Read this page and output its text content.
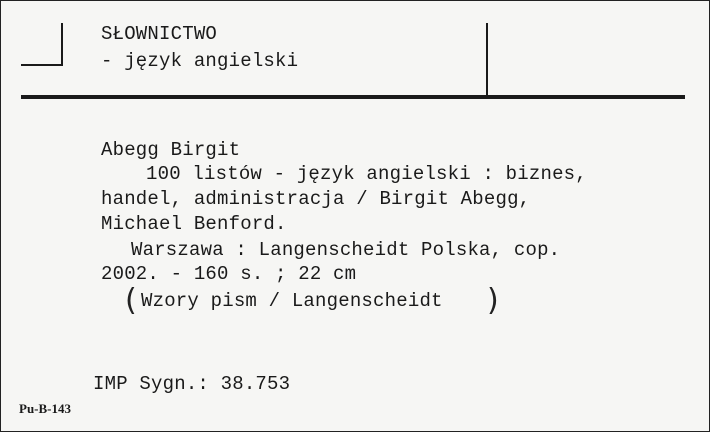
SŁOWNICTWO
- język angielski
Abegg Birgit
100 listów - język angielski : biznes,
handel, administracja / Birgit Abegg,
Michael Benford.
Warszawa : Langenscheidt Polska, cop.
2002. - 160 s. ; 22 cm
( Wzory pism / Langenscheidt )
IMP Sygn.: 38.753
Pu-B-143
